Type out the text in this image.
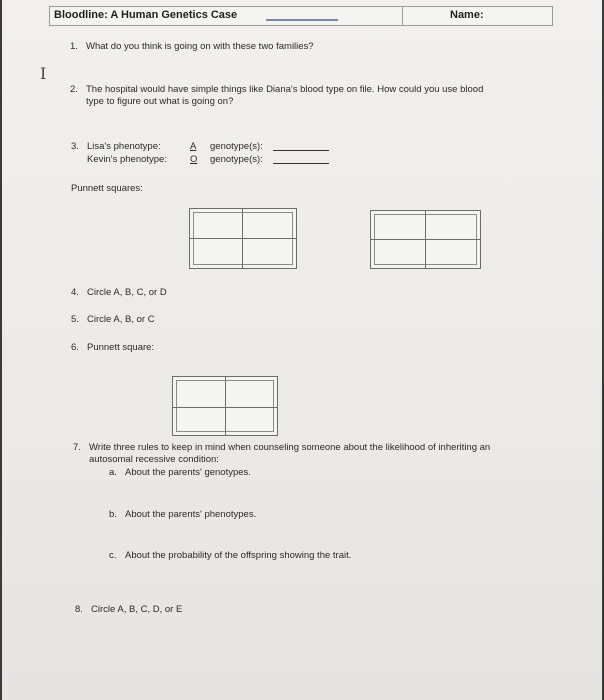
Bloodline: A Human Genetics Case	Name:
I
1. What do you think is going on with these two families?
2. The hospital would have simple things like Diana's blood type on file. How could you use blood
type to figure out what is going on?
3. Lisa's phenotype:	A genotype(s):
Kevin's phenotype: O genotype(s):
Punnett squares:
4. Circle A, B, C, or D
5. Circle A, B, or C
6. Punnett square:
7. Write three rules to keep in mind when counseling someone about the likelihood of inheriting an
autosomal recessive condition:
a. About the parents' genotypes.
b. About the parents' phenotypes.
c. About the probability of the offspring showing the trait.
8. Circle A, B, C, D, or E
